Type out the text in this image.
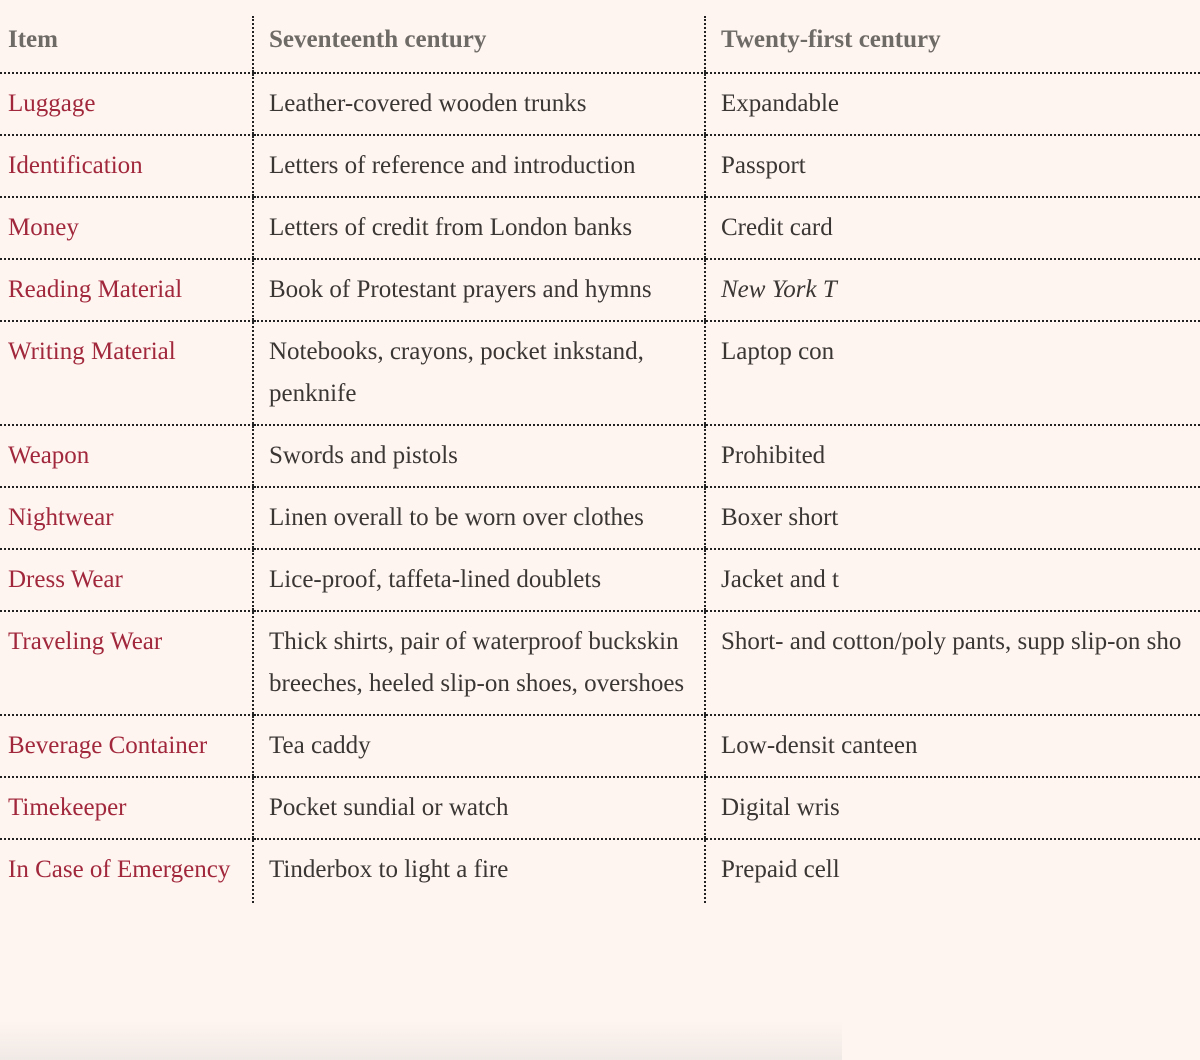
Item	Seventeenth century	Twenty-first century
Luggage	Leather-covered wooden trunks	Expandable
Identification	Letters of reference and introduction	Passport
Money	Letters of credit from London banks	Credit card
Reading Material	Book of Protestant prayers and hymns	New York T
Writing Material	Notebooks, crayons, pocket inkstand, penknife	Laptop con
Weapon	Swords and pistols	Prohibited
Nightwear	Linen overall to be worn over clothes	Boxer short
Dress Wear	Lice-proof, taffeta-lined doublets	Jacket and t
Traveling Wear	Thick shirts, pair of waterproof buckskin breeches, heeled slip-on shoes, overshoes	Short- and cotton/poly pants, supp slip-on sho
Beverage Container	Tea caddy	Low-densit canteen
Timekeeper	Pocket sundial or watch	Digital wris
In Case of Emergency	Tinderbox to light a fire	Prepaid cell
